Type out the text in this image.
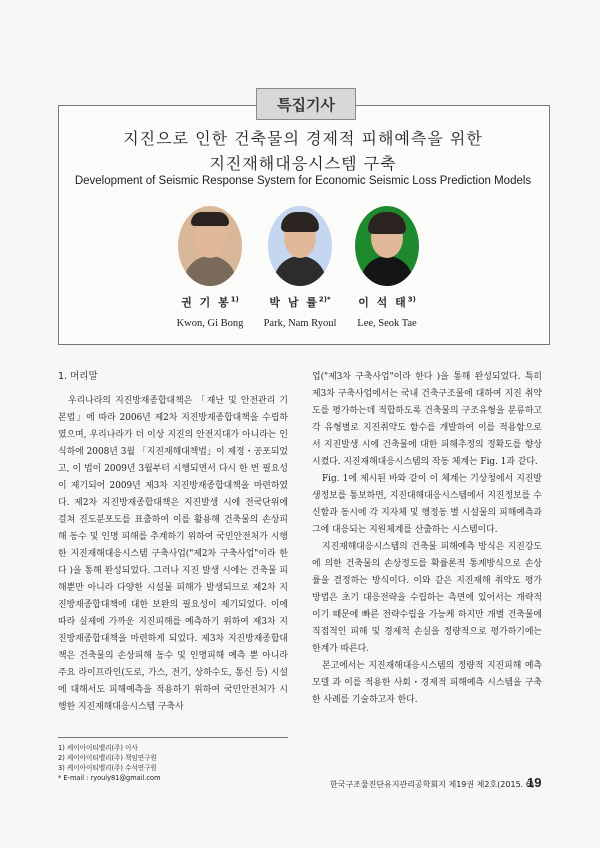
특집기사
지진으로 인한 건축물의 경제적 피해예측을 위한
지진재해대응시스템 구축
Development of Seismic Response System for Economic Seismic Loss Prediction Models
권 기 봉$^{1)}$
Kwon, Gi Bong
박 남 률$^{2)*}$
Park, Nam Ryoul
이 석 태$^{3)}$
Lee, Seok Tae

1. 머리말

우리나라의 지진방재종합대책은 「재난 및 안전관리 기본법」에 따라 2006년 제2차 지진방재종합대책을 수립하였으며, 우리나라가 더 이상 지진의 안전지대가 아니라는 인식하에 2008년 3월 「지진재해대책법」이 제정・공포되었고, 이 법이 2009년 3월부터 시행되면서 다시 한 번 필요성이 제기되어 2009년 제3차 지진방재종합대책을 마련하였다. 제2차 지진방재종합대책은 지진발생 시에 전국단위에 걸쳐 진도분포도를 표출하여 이를 활용해 건축물의 손상피해 동수 및 인명 피해를 추계하기 위하여 국민안전처가 시행한 지진재해대응시스템 구축사업("제2차 구축사업"이라 한다 )을 통해 완성되었다. 그러나 지진 발생 시에는 건축물 피해뿐만 아니라 다양한 시설물 피해가 발생되므로 제2차 지진방재종합대책에 대한 보완의 필요성이 제기되었다. 이에 따라 실제에 가까운 지진피해를 예측하기 위하여 제3차 지진방재종합대책을 마련하게 되었다. 제3차 지진방재종합대책은 건축물의 손상피해 동수 및 인명피해 예측 뿐 아니라 주요 라이프라인(도로, 가스, 전기, 상하수도, 통신 등) 시설에 대해서도 피해예측을 적용하기 위하여 국민안전처가 시행한 지진재해대응시스템 구축사

업("제3차 구축사업"이라 한다 )을 통해 완성되었다. 특히 제3차 구축사업에서는 국내 건축구조물에 대하여 지진 취약도를 평가하는데 적합하도록 건축물의 구조유형을 분류하고 각 유형별로 지진취약도 함수를 개발하여 이를 적용함으로서 지진발생 시에 건축물에 대한 피해추정의 정확도를 향상시켰다. 지진재해대응시스템의 작동 체계는 Fig. 1과 같다.

Fig. 1에 제시된 바와 같이 이 체계는 기상청에서 지진발생정보를 통보하면, 지진대해대응시스템에서 지진정보를 수신함과 동시에 각 지자체 및 행정동 별 시설물의 피해예측과 그에 대응되는 지원체계를 산출하는 시스템이다.

지진재해대응시스템의 건축물 피해예측 방식은 지진강도에 의한 건축물의 손상정도를 확률론적 통계방식으로 손상률을 결정하는 방식이다. 이와 같은 지진재해 취약도 평가 방법은 초기 대응전략을 수립하는 측면에 있어서는 개략적이기 때문에 빠른 전략수립을 가능케 하지만 개별 건축물에 직접적인 피해 및 경제적 손실을 정량적으로 평가하기에는 한계가 따른다.

본고에서는 지진재해대응시스템의 정량적 지진피해 예측 모델 과 이를 적용한 사회・경제적 피해예측 시스템을 구축한 사례를 기술하고자 한다.

1) 케이아이티밸리(주) 이사
2) 케이아이티밸리(주) 책임연구원
3) 케이아이티밸리(주) 수석연구원
* E-mail : ryouly81@gmail.com
한국구조물진단유지관리공학회지 제19권 제2호(2015. 6)
19
